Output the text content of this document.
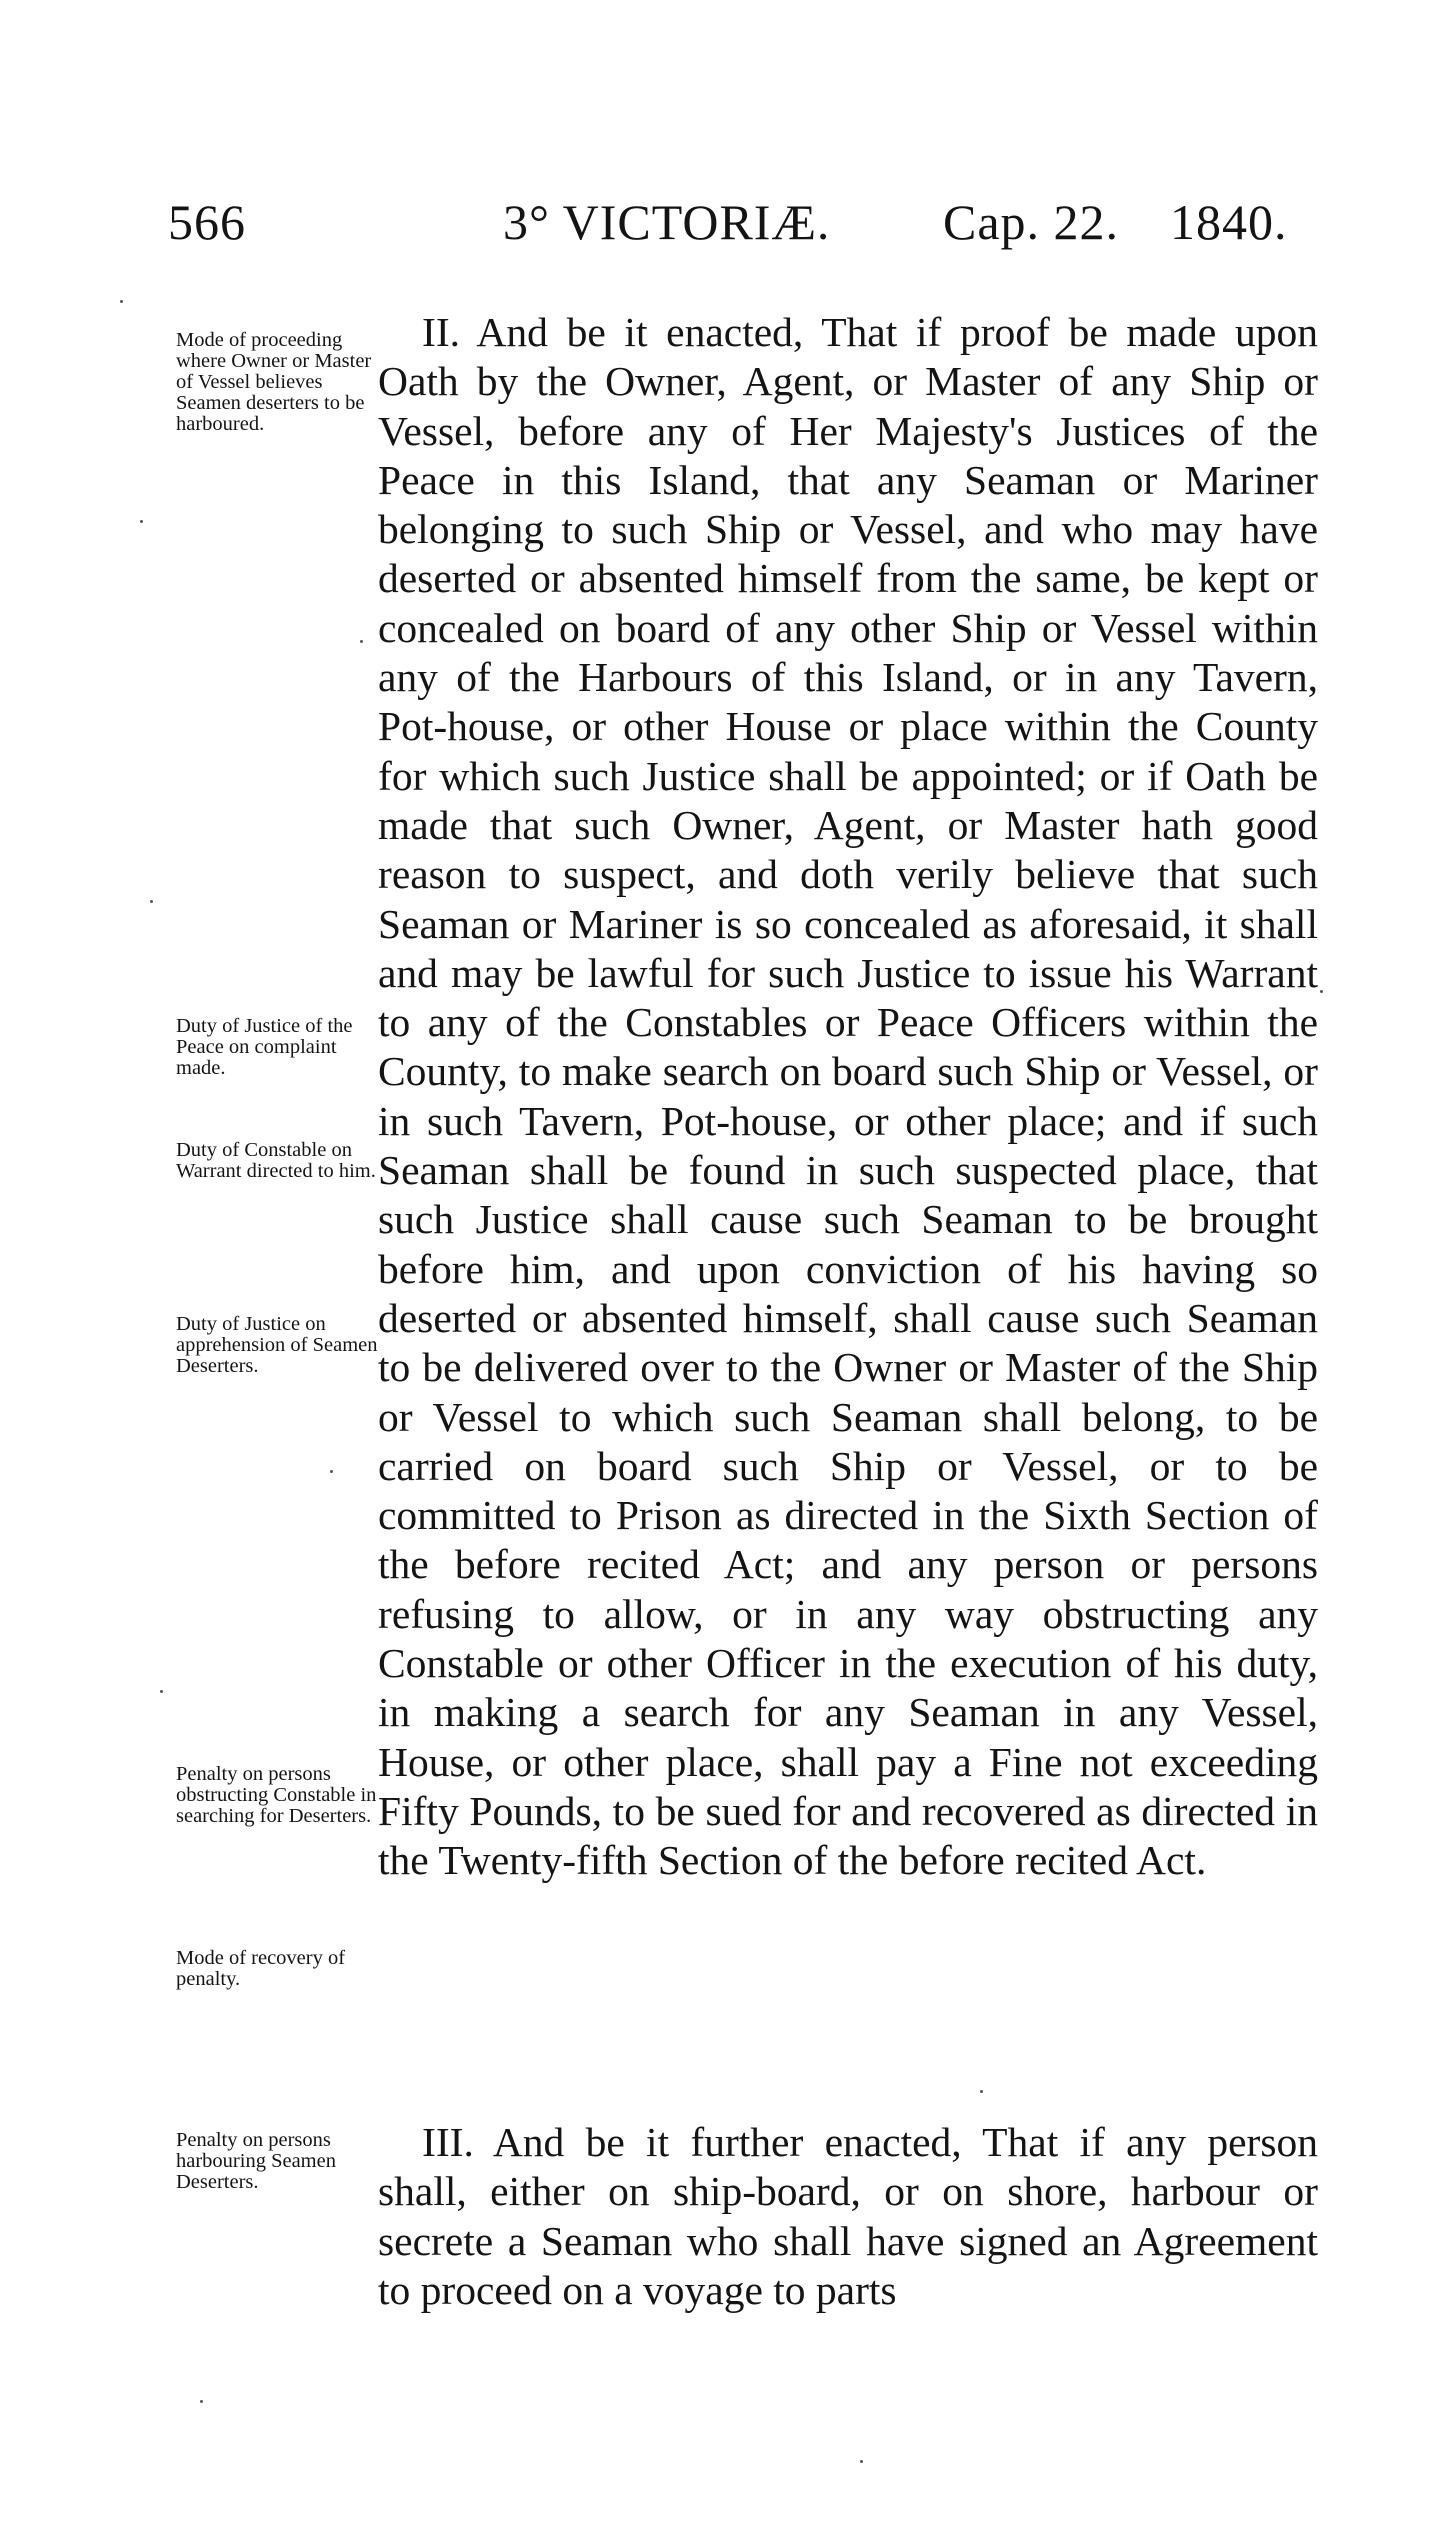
566	3° VICTORIÆ. Cap. 22. 1840.

Mode of proceeding where Owner or Master of Vessel believes Seamen deserters to be harboured.

Duty of Justice of the Peace on complaint made.

Duty of Constable on Warrant directed to him.

Duty of Justice on apprehension of Seamen Deserters.

Penalty on persons obstructing Constable in searching for Deserters.

Mode of recovery of penalty.

Penalty on persons harbouring Seamen Deserters.

II. And be it enacted, That if proof be made upon Oath by the Owner, Agent, or Master of any Ship or Vessel, before any of Her Majesty's Justices of the Peace in this Island, that any Seaman or Mariner belonging to such Ship or Vessel, and who may have deserted or absented himself from the same, be kept or concealed on board of any other Ship or Vessel within any of the Harbours of this Island, or in any Tavern, Pot-house, or other House or place within the County for which such Justice shall be appointed; or if Oath be made that such Owner, Agent, or Master hath good reason to suspect, and doth verily believe that such Seaman or Mariner is so concealed as aforesaid, it shall and may be lawful for such Justice to issue his Warrant to any of the Constables or Peace Officers within the County, to make search on board such Ship or Vessel, or in such Tavern, Pot-house, or other place; and if such Seaman shall be found in such suspected place, that such Justice shall cause such Seaman to be brought before him, and upon conviction of his having so deserted or absented himself, shall cause such Seaman to be delivered over to the Owner or Master of the Ship or Vessel to which such Seaman shall belong, to be carried on board such Ship or Vessel, or to be committed to Prison as directed in the Sixth Section of the before recited Act; and any person or persons refusing to allow, or in any way obstructing any Constable or other Officer in the execution of his duty, in making a search for any Seaman in any Vessel, House, or other place, shall pay a Fine not exceeding Fifty Pounds, to be sued for and recovered as directed in the Twenty-fifth Section of the before recited Act.

III. And be it further enacted, That if any person shall, either on ship-board, or on shore, harbour or secrete a Seaman who shall have signed an Agreement to proceed on a voyage to parts
